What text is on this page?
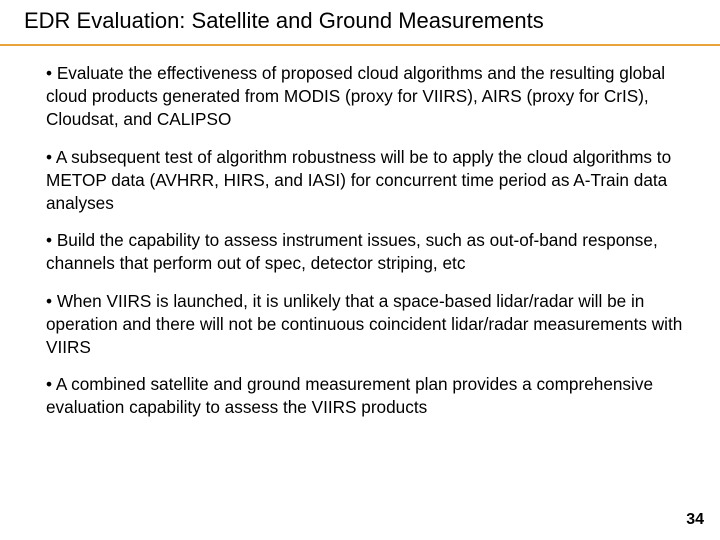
EDR Evaluation: Satellite and Ground Measurements
• Evaluate the effectiveness of proposed cloud algorithms and the resulting global cloud products generated from MODIS (proxy for VIIRS), AIRS (proxy for CrIS), Cloudsat, and CALIPSO
• A subsequent test of algorithm robustness will be to apply the cloud algorithms to METOP data (AVHRR, HIRS, and IASI) for concurrent time period as A-Train data analyses
• Build the capability to assess instrument issues, such as out-of-band response, channels that perform out of spec, detector striping, etc
• When VIIRS is launched, it is unlikely that a space-based lidar/radar will be in operation and there will not be continuous coincident lidar/radar measurements with VIIRS
• A combined satellite and ground measurement plan provides a comprehensive evaluation capability to assess the VIIRS products
34
